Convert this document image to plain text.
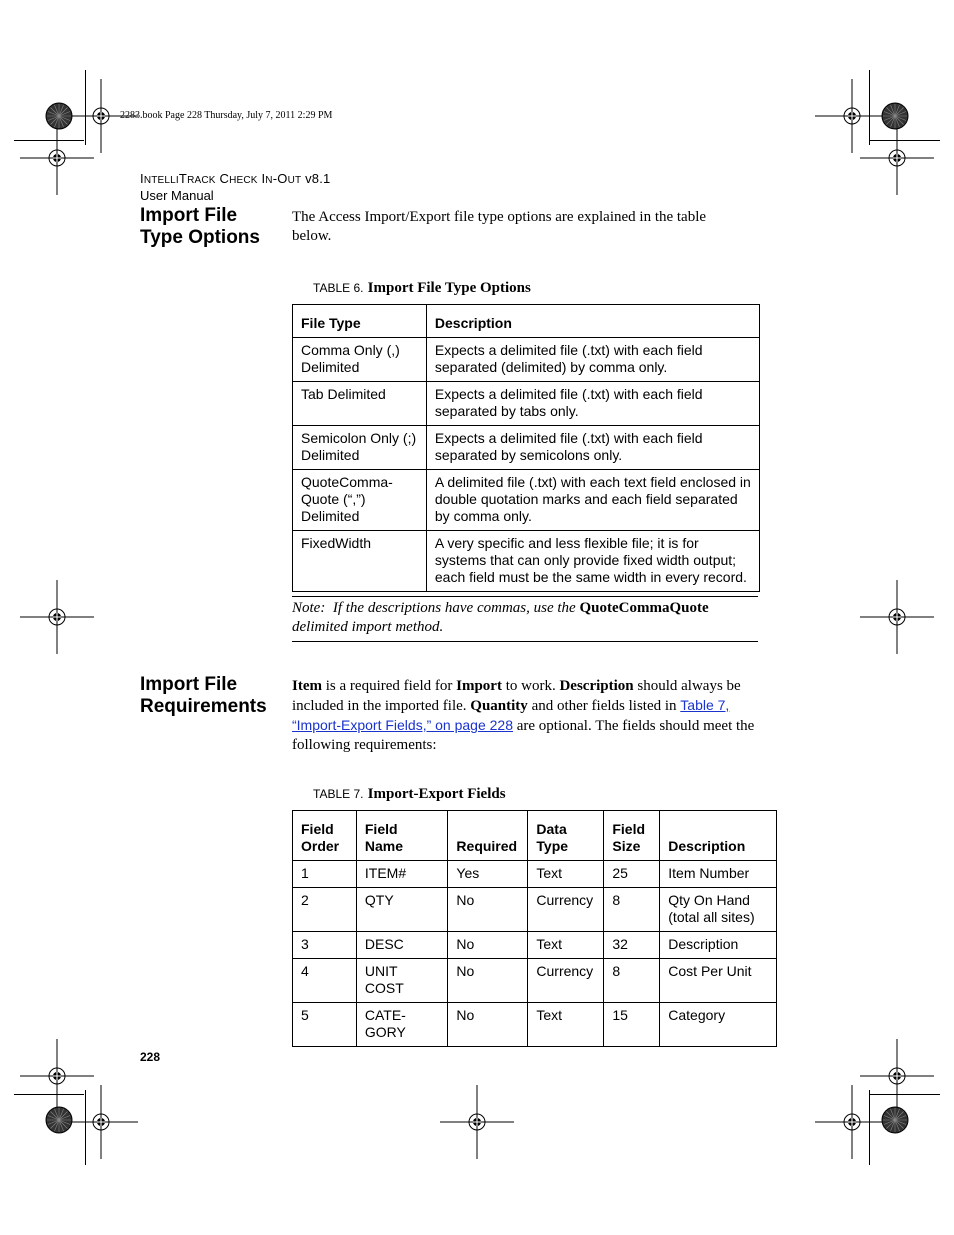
2283.book Page 228 Thursday, July 7, 2011 2:29 PM
INTELLITRACK CHECK IN-OUT v8.1
User Manual
Import File
Type Options
The Access Import/Export file type options are explained in the table below.
TABLE 6. Import File Type Options
File Type	Description
Comma Only (,) Delimited	Expects a delimited file (.txt) with each field separated (delimited) by comma only.
Tab Delimited	Expects a delimited file (.txt) with each field separated by tabs only.
Semicolon Only (;) Delimited	Expects a delimited file (.txt) with each field separated by semicolons only.
QuoteComma-Quote (“,”) Delimited	A delimited file (.txt) with each text field enclosed in double quotation marks and each field separated by comma only.
FixedWidth	A very specific and less flexible file; it is for systems that can only provide fixed width output; each field must be the same width in every record.
Note: If the descriptions have commas, use the QuoteCommaQuote delimited import method.
Import File
Requirements
Item is a required field for Import to work. Description should always be included in the imported file. Quantity and other fields listed in Table 7, “Import-Export Fields,” on page 228 are optional. The fields should meet the following requirements:
TABLE 7. Import-Export Fields
Field Order	Field Name	Required	Data Type	Field Size	Description
1	ITEM#	Yes	Text	25	Item Number
2	QTY	No	Currency	8	Qty On Hand (total all sites)
3	DESC	No	Text	32	Description
4	UNIT COST	No	Currency	8	Cost Per Unit
5	CATE-GORY	No	Text	15	Category
228
